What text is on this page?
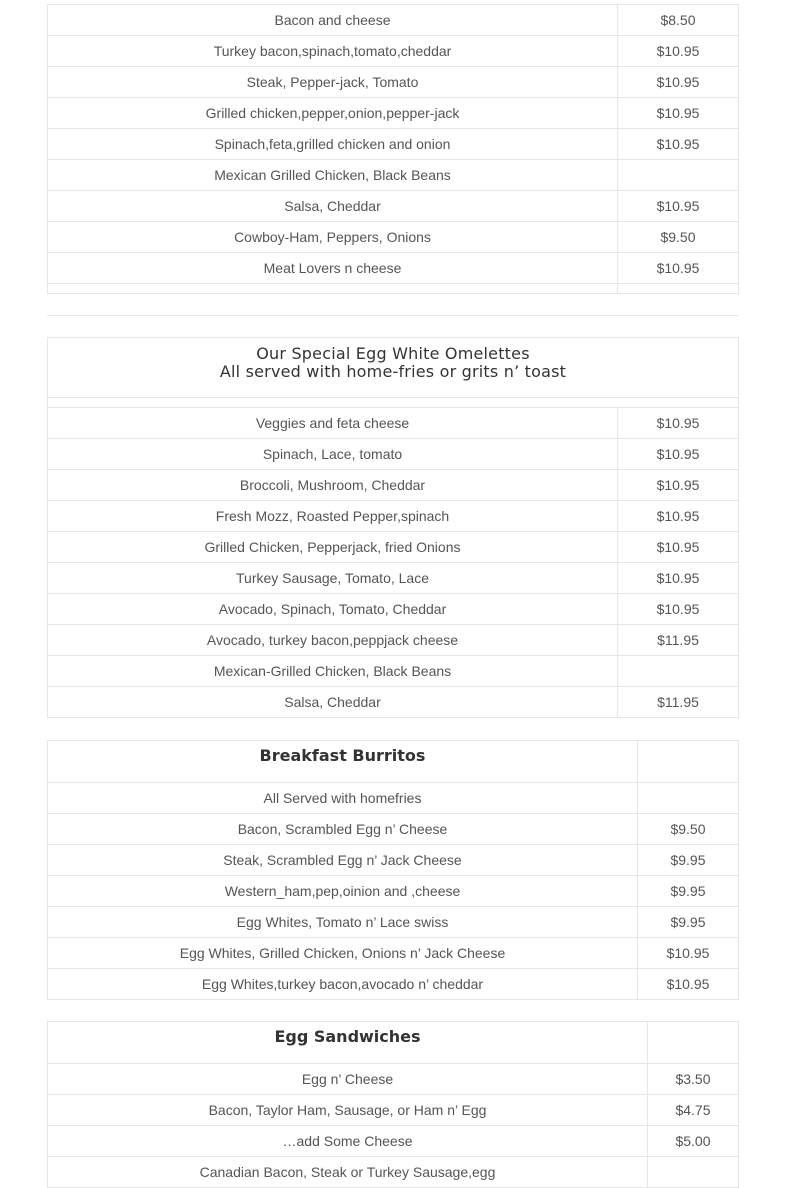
Bacon and cheese	$8.50
Turkey bacon,spinach,tomato,cheddar	$10.95
Steak, Pepper-jack, Tomato	$10.95
Grilled chicken,pepper,onion,pepper-jack	$10.95
Spinach,feta,grilled chicken and onion	$10.95
Mexican Grilled Chicken, Black Beans	
Salsa, Cheddar	$10.95
Cowboy-Ham, Peppers, Onions	$9.50
Meat Lovers n cheese	$10.95

Our Special Egg White Omelettes
All served with home-fries or grits n’ toast	

Veggies and feta cheese	$10.95
Spinach, Lace, tomato	$10.95
Broccoli, Mushroom, Cheddar	$10.95
Fresh Mozz, Roasted Pepper,spinach	$10.95
Grilled Chicken, Pepperjack, fried Onions	$10.95
Turkey Sausage, Tomato, Lace	$10.95
Avocado, Spinach, Tomato, Cheddar	$10.95
Avocado, turkey bacon,peppjack cheese	$11.95
Mexican-Grilled Chicken, Black Beans	
Salsa, Cheddar	$11.95
Breakfast Burritos	
All Served with homefries	
Bacon, Scrambled Egg n’ Cheese	$9.50
Steak, Scrambled Egg n’ Jack Cheese	$9.95
Western_ham,pep,oinion and ,cheese	$9.95
Egg Whites, Tomato n’ Lace swiss	$9.95
Egg Whites, Grilled Chicken, Onions n’ Jack Cheese	$10.95
Egg Whites,turkey bacon,avocado n’ cheddar	$10.95
Egg Sandwiches	
Egg n’ Cheese	$3.50
Bacon, Taylor Ham, Sausage, or Ham n’ Egg	$4.75
…add Some Cheese	$5.00
Canadian Bacon, Steak or Turkey Sausage,egg	
